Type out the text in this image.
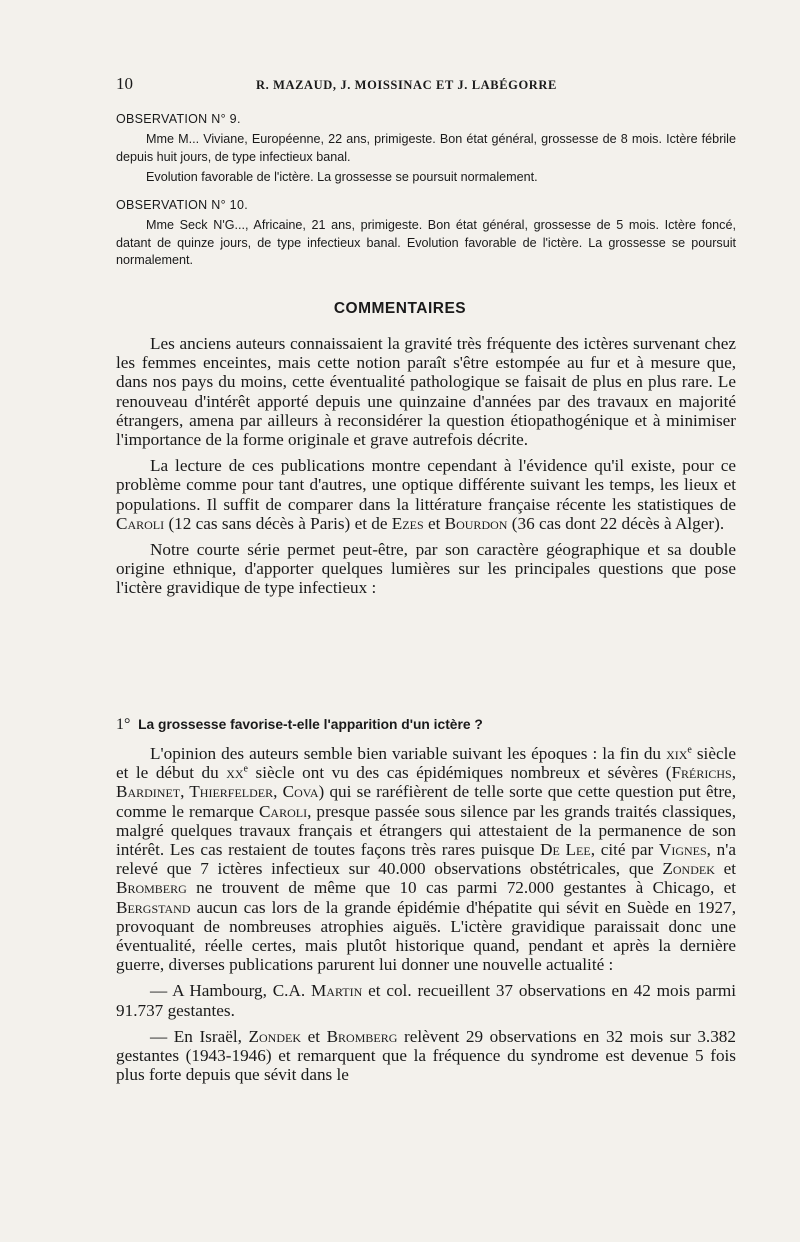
10	R. MAZAUD, J. MOISSINAC ET J. LABÉGORRE
OBSERVATION N° 9.

Mme M... Viviane, Européenne, 22 ans, primigeste. Bon état général, grossesse de 8 mois. Ictère fébrile depuis huit jours, de type infectieux banal.

Evolution favorable de l'ictère. La grossesse se poursuit normalement.

OBSERVATION N° 10.

Mme Seck N'G..., Africaine, 21 ans, primigeste. Bon état général, grossesse de 5 mois. Ictère foncé, datant de quinze jours, de type infectieux banal. Evolution favorable de l'ictère. La grossesse se poursuit normalement.

COMMENTAIRES

Les anciens auteurs connaissaient la gravité très fréquente des ictères survenant chez les femmes enceintes, mais cette notion paraît s'être estompée au fur et à mesure que, dans nos pays du moins, cette éventualité pathologique se faisait de plus en plus rare. Le renouveau d'intérêt apporté depuis une quinzaine d'années par des travaux en majorité étrangers, amena par ailleurs à reconsidérer la question étiopathogénique et à minimiser l'importance de la forme originale et grave autrefois décrite.

La lecture de ces publications montre cependant à l'évidence qu'il existe, pour ce problème comme pour tant d'autres, une optique différente suivant les temps, les lieux et populations. Il suffit de comparer dans la littérature française récente les statistiques de Caroli (12 cas sans décès à Paris) et de Ezes et Bourdon (36 cas dont 22 décès à Alger).

Notre courte série permet peut-être, par son caractère géographique et sa double origine ethnique, d'apporter quelques lumières sur les principales questions que pose l'ictère gravidique de type infectieux :

1° La grossesse favorise-t-elle l'apparition d'un ictère ?

L'opinion des auteurs semble bien variable suivant les époques : la fin du xix$^e$ siècle et le début du $xx^e$ siècle ont vu des cas épidémiques nombreux et sévères (Frérichs, Bardinet, Thierfelder, Cova) qui se raréfièrent de telle sorte que cette question put être, comme le remarque Caroli, presque passée sous silence par les grands traités classiques, malgré quelques travaux français et étrangers qui attestaient de la permanence de son intérêt. Les cas restaient de toutes façons très rares puisque De Lee, cité par Vignes, n'a relevé que 7 ictères infectieux sur 40.000 observations obstétricales, que Zondek et Bromberg ne trouvent de même que 10 cas parmi 72.000 gestantes à Chicago, et Bergstand aucun cas lors de la grande épidémie d'hépatite qui sévit en Suède en 1927, provoquant de nombreuses atrophies aiguës. L'ictère gravidique paraissait donc une éventualité, réelle certes, mais plutôt historique quand, pendant et après la dernière guerre, diverses publications parurent lui donner une nouvelle actualité :

— A Hambourg, C.A. Martin et col. recueillent 37 observations en 42 mois parmi 91.737 gestantes.

— En Israël, Zondek et Bromberg relèvent 29 observations en 32 mois sur 3.382 gestantes (1943-1946) et remarquent que la fréquence du syndrome est devenue 5 fois plus forte depuis que sévit dans le
